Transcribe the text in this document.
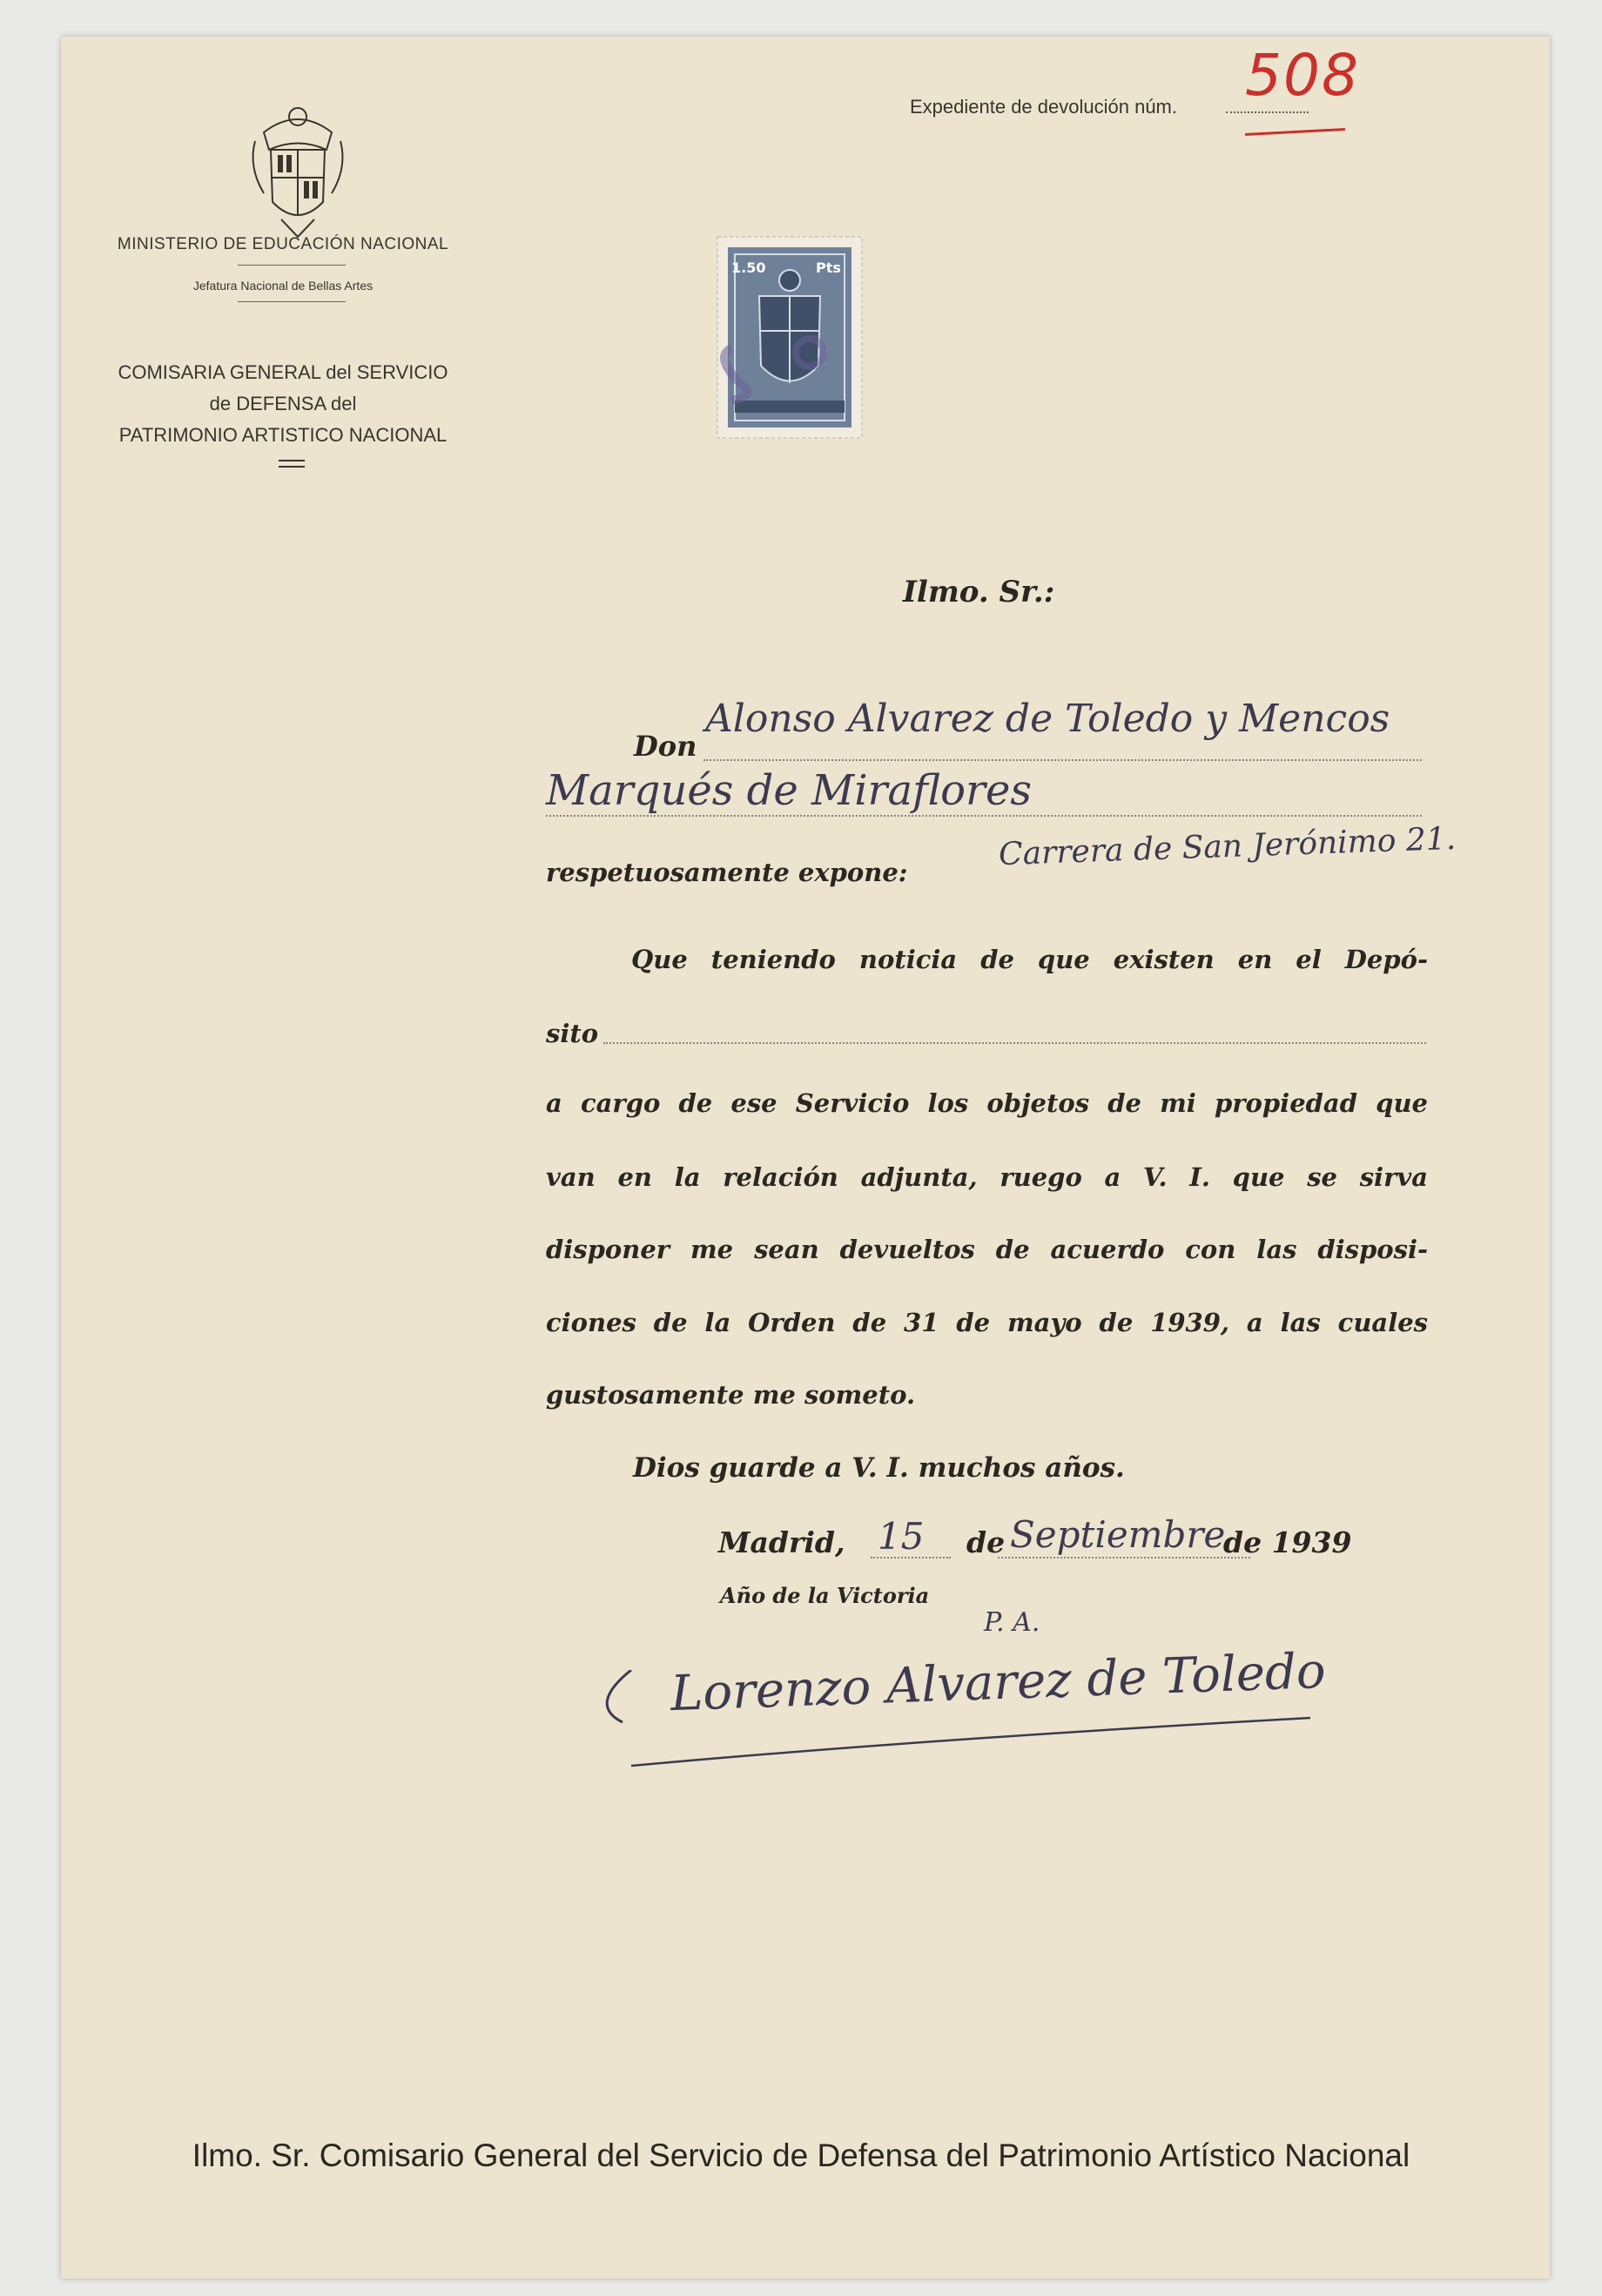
MINISTERIO DE EDUCACIÓN NACIONAL
Jefatura Nacional de Bellas Artes
COMISARIA GENERAL del SERVICIO
de DEFENSA del
PATRIMONIO ARTISTICO NACIONAL
Expediente de devolución núm. 508
1.50	Pts
Ilmo. Sr.:
Don
Alonso Alvarez de Toledo y Mencos
Marqués de Miraflores
Carrera de San Jerónimo 21.
respetuosamente expone:
Que teniendo noticia de que existen en el Depó-
sito
a cargo de ese Servicio los objetos de mi propiedad que
van en la relación adjunta, ruego a V. I. que se sirva
disponer me sean devueltos de acuerdo con las disposi-
ciones de la Orden de 31 de mayo de 1939, a las cuales
gustosamente me someto.
Dios guarde a V. I. muchos años.
Madrid, 15 de Septiembre
de 1939
Año de la Victoria
P. A.
Lorenzo Alvarez de Toledo
Ilmo. Sr. Comisario General del Servicio de Defensa del Patrimonio Artístico Nacional
